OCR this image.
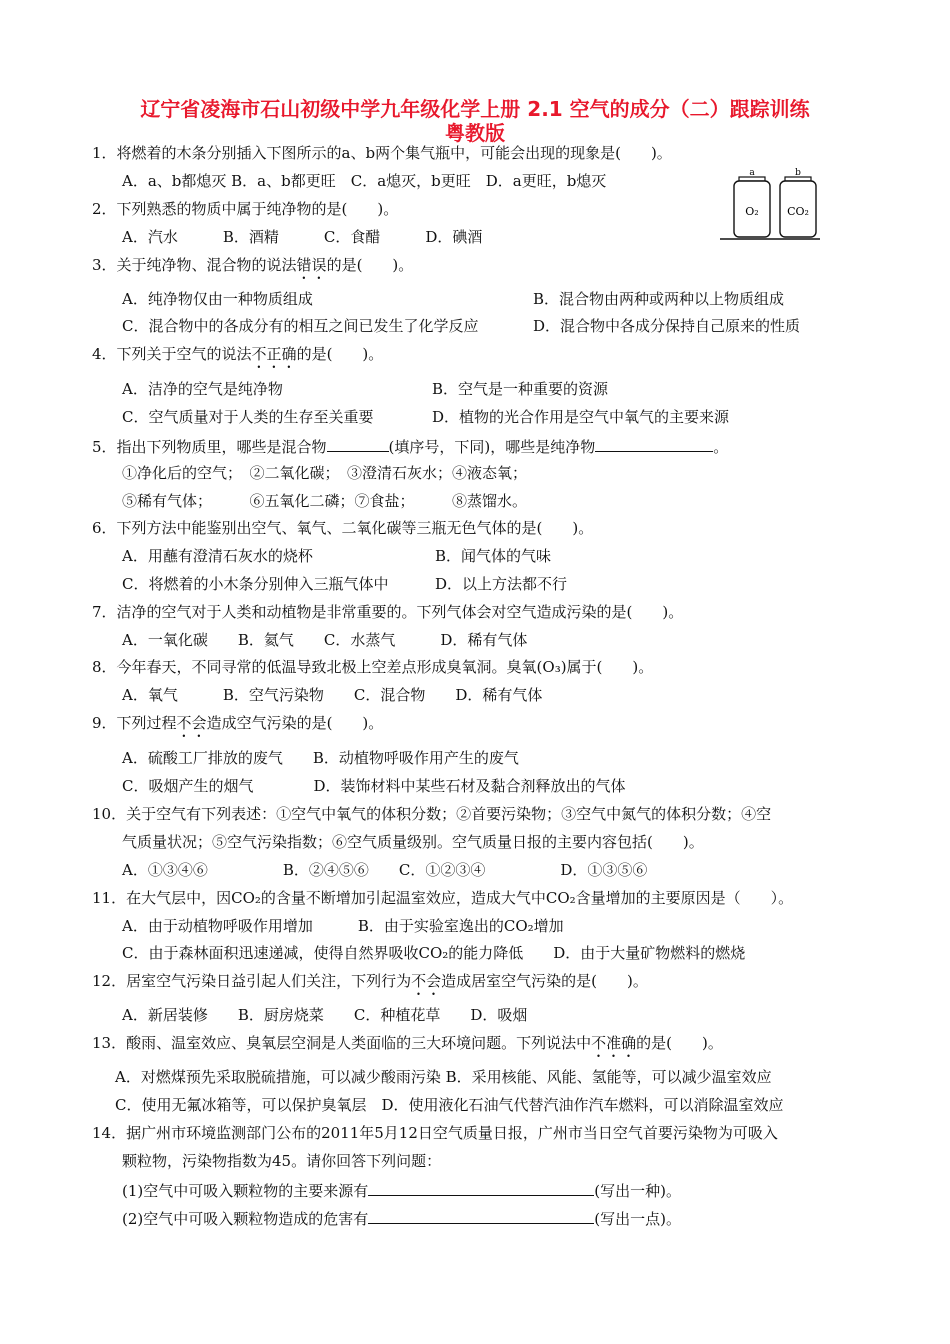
辽宁省凌海市石山初级中学九年级化学上册 2.1 空气的成分（二）跟踪训练
粤教版
a
O₂
b
CO₂
1．将燃着的木条分别插入下图所示的a、b两个集气瓶中，可能会出现的现象是(　　)。
A．a、b都熄灭 B．a、b都更旺　C．a熄灭，b更旺　D．a更旺，b熄灭
2．下列熟悉的物质中属于纯净物的是(　　)。
A．汽水　　　B．酒精　　　C．食醋　　　D．碘酒
3．关于纯净物、混合物的说法错误的是(　　)。
A．纯净物仅由一种物质组成	B．混合物由两种或两种以上物质组成
C．混合物中的各成分有的相互之间已发生了化学反应	D．混合物中各成分保持自己原来的性质
4．下列关于空气的说法不正确的是(　　)。
A．洁净的空气是纯净物	B．空气是一种重要的资源
C．空气质量对于人类的生存至关重要	D．植物的光合作用是空气中氧气的主要来源
5．指出下列物质里，哪些是混合物	(填序号，下同)，哪些是纯净物	。
①净化后的空气；　②二氧化碳；　③澄清石灰水；④液态氧；
⑤稀有气体；　　　⑥五氧化二磷；⑦食盐；　　　⑧蒸馏水。
6．下列方法中能鉴别出空气、氧气、二氧化碳等三瓶无色气体的是(　　)。
A．用蘸有澄清石灰水的烧杯	B．闻气体的气味
C．将燃着的小木条分别伸入三瓶气体中	D．以上方法都不行
7．洁净的空气对于人类和动植物是非常重要的。下列气体会对空气造成污染的是(　　)。
A．一氧化碳　　B．氦气　　C．水蒸气　　　D．稀有气体
8．今年春天，不同寻常的低温导致北极上空差点形成臭氧洞。臭氧(O₃)属于(　　)。
A．氧气　　　B．空气污染物　　C．混合物　　D．稀有气体
9．下列过程不会造成空气污染的是(　　)。
A．硫酸工厂排放的废气　　B．动植物呼吸作用产生的废气
C．吸烟产生的烟气　　　　D．装饰材料中某些石材及黏合剂释放出的气体
10．关于空气有下列表述：①空气中氧气的体积分数；②首要污染物；③空气中氮气的体积分数；④空
气质量状况；⑤空气污染指数；⑥空气质量级别。空气质量日报的主要内容包括(　　)。
A．①③④⑥　　　　　B．②④⑤⑥　　C．①②③④　　　　　D．①③⑤⑥
11．在大气层中，因CO₂的含量不断增加引起温室效应，造成大气中CO₂含量增加的主要原因是（　　）。
A．由于动植物呼吸作用增加　　　B．由于实验室逸出的CO₂增加
C．由于森林面积迅速递减，使得自然界吸收CO₂的能力降低　　D．由于大量矿物燃料的燃烧
12．居室空气污染日益引起人们关注，下列行为不会造成居室空气污染的是(　　)。
A．新居装修　　B．厨房烧菜　　C．种植花草　　D．吸烟
13．酸雨、温室效应、臭氧层空洞是人类面临的三大环境问题。下列说法中不准确的是(　　)。
A．对燃煤预先采取脱硫措施，可以减少酸雨污染 B．采用核能、风能、氢能等，可以减少温室效应
C．使用无氟冰箱等，可以保护臭氧层　D．使用液化石油气代替汽油作汽车燃料，可以消除温室效应
14．据广州市环境监测部门公布的2011年5月12日空气质量日报，广州市当日空气首要污染物为可吸入
颗粒物，污染物指数为45。请你回答下列问题：
(1)空气中可吸入颗粒物的主要来源有	(写出一种)。
(2)空气中可吸入颗粒物造成的危害有	(写出一点)。
